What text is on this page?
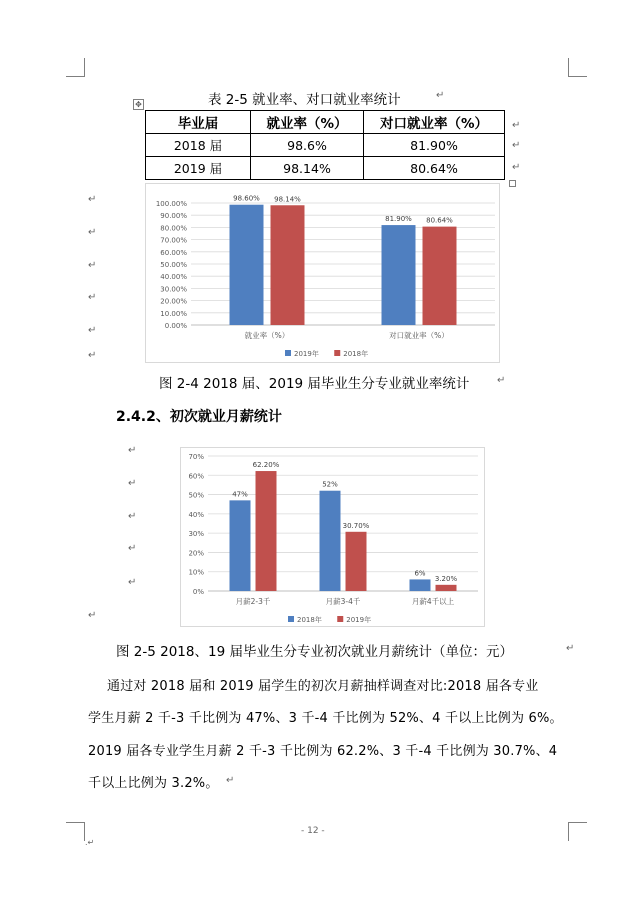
表 2-5 就业率、对口就业率统计	↵
✥
毕业届	就业率（%）	对口就业率（%）
2018 届	98.6%	81.90%
2019 届	98.14%	80.64%
↵
↵
↵
↵
↵
↵
↵
↵
↵
0.00%
10.00%
20.00%
30.00%
40.00%
50.00%
60.00%
70.00%
80.00%
90.00%
100.00%
98.60% 98.14%
就业率（%）
81.90% 80.64%
对口就业率（%）
2019年	2018年
图 2-4 2018 届、2019 届毕业生分专业就业率统计	↵
2.4.2、初次就业月薪统计
↵
↵
↵
↵
↵
↵
0%
10%
20%
30%
40%
50%
60%
70%
47%
62.20%
月薪2-3千
52%
30.70%
月薪3-4千
6%
3.20%
月薪4千以上
2018年	2019年
图 2-5 2018、19 届毕业生分专业初次就业月薪统计（单位：元）	↵
通过对 2018 届和 2019 届学生的初次月薪抽样调查对比:2018 届各专业
学生月薪 2 千-3 千比例为 47%、3 千-4 千比例为 52%、4 千以上比例为 6%。
2019 届各专业学生月薪 2 千-3 千比例为 62.2%、3 千-4 千比例为 30.7%、4
千以上比例为 3.2%。 ↵
- 12 -
.↵
